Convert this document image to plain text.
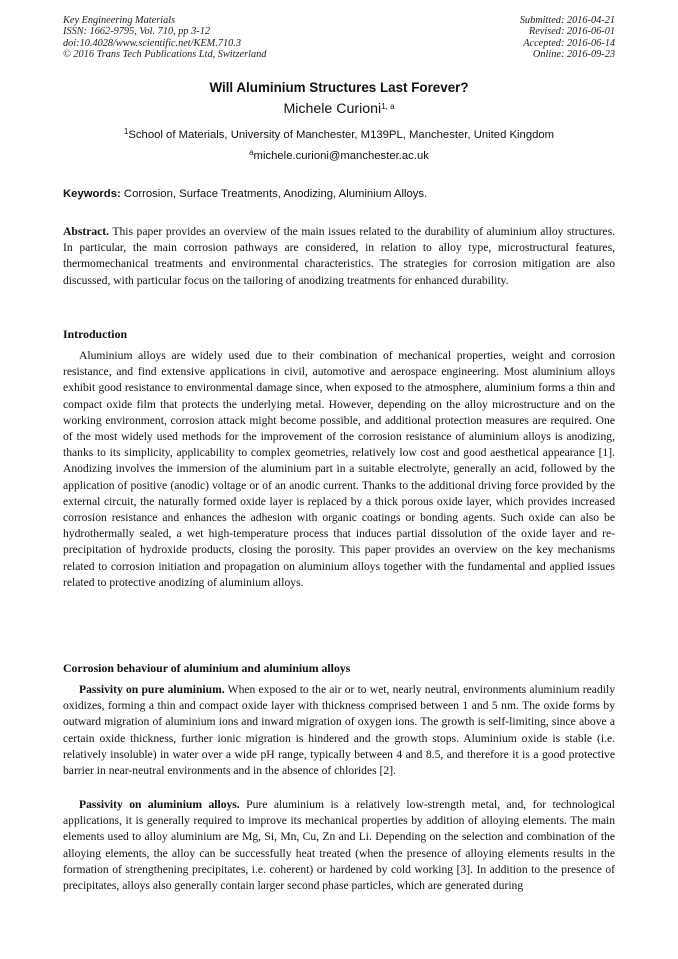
Key Engineering Materials
ISSN: 1662-9795, Vol. 710, pp 3-12
doi:10.4028/www.scientific.net/KEM.710.3
© 2016 Trans Tech Publications Ltd, Switzerland
Submitted: 2016-04-21
Revised: 2016-06-01
Accepted: 2016-06-14
Online: 2016-09-23
Will Aluminium Structures Last Forever?
Michele Curioni$^{1, a}$
$^1$School of Materials, University of Manchester, M139PL, Manchester, United Kingdom
$^a$michele.curioni@manchester.ac.uk
Keywords: Corrosion, Surface Treatments, Anodizing, Aluminium Alloys.
Abstract. This paper provides an overview of the main issues related to the durability of aluminium alloy structures. In particular, the main corrosion pathways are considered, in relation to alloy type, microstructural features, thermomechanical treatments and environmental characteristics. The strategies for corrosion mitigation are also discussed, with particular focus on the tailoring of anodizing treatments for enhanced durability.
Introduction
Aluminium alloys are widely used due to their combination of mechanical properties, weight and corrosion resistance, and find extensive applications in civil, automotive and aerospace engineering. Most aluminium alloys exhibit good resistance to environmental damage since, when exposed to the atmosphere, aluminium forms a thin and compact oxide film that protects the underlying metal. However, depending on the alloy microstructure and on the working environment, corrosion attack might become possible, and additional protection measures are required. One of the most widely used methods for the improvement of the corrosion resistance of aluminium alloys is anodizing, thanks to its simplicity, applicability to complex geometries, relatively low cost and good aesthetical appearance [1]. Anodizing involves the immersion of the aluminium part in a suitable electrolyte, generally an acid, followed by the application of positive (anodic) voltage or of an anodic current. Thanks to the additional driving force provided by the external circuit, the naturally formed oxide layer is replaced by a thick porous oxide layer, which provides increased corrosion resistance and enhances the adhesion with organic coatings or bonding agents. Such oxide can also be hydrothermally sealed, a wet high-temperature process that induces partial dissolution of the oxide layer and re-precipitation of hydroxide products, closing the porosity. This paper provides an overview on the key mechanisms related to corrosion initiation and propagation on aluminium alloys together with the fundamental and applied issues related to protective anodizing of aluminium alloys.
Corrosion behaviour of aluminium and aluminium alloys
Passivity on pure aluminium. When exposed to the air or to wet, nearly neutral, environments aluminium readily oxidizes, forming a thin and compact oxide layer with thickness comprised between 1 and 5 nm. The oxide forms by outward migration of aluminium ions and inward migration of oxygen ions. The growth is self-limiting, since above a certain oxide thickness, further ionic migration is hindered and the growth stops. Aluminium oxide is stable (i.e. relatively insoluble) in water over a wide pH range, typically between 4 and 8.5, and therefore it is a good protective barrier in near-neutral environments and in the absence of chlorides [2].
Passivity on aluminium alloys. Pure aluminium is a relatively low-strength metal, and, for technological applications, it is generally required to improve its mechanical properties by addition of alloying elements. The main elements used to alloy aluminium are Mg, Si, Mn, Cu, Zn and Li. Depending on the selection and combination of the alloying elements, the alloy can be successfully heat treated (when the presence of alloying elements results in the formation of strengthening precipitates, i.e. coherent) or hardened by cold working [3]. In addition to the presence of precipitates, alloys also generally contain larger second phase particles, which are generated during
